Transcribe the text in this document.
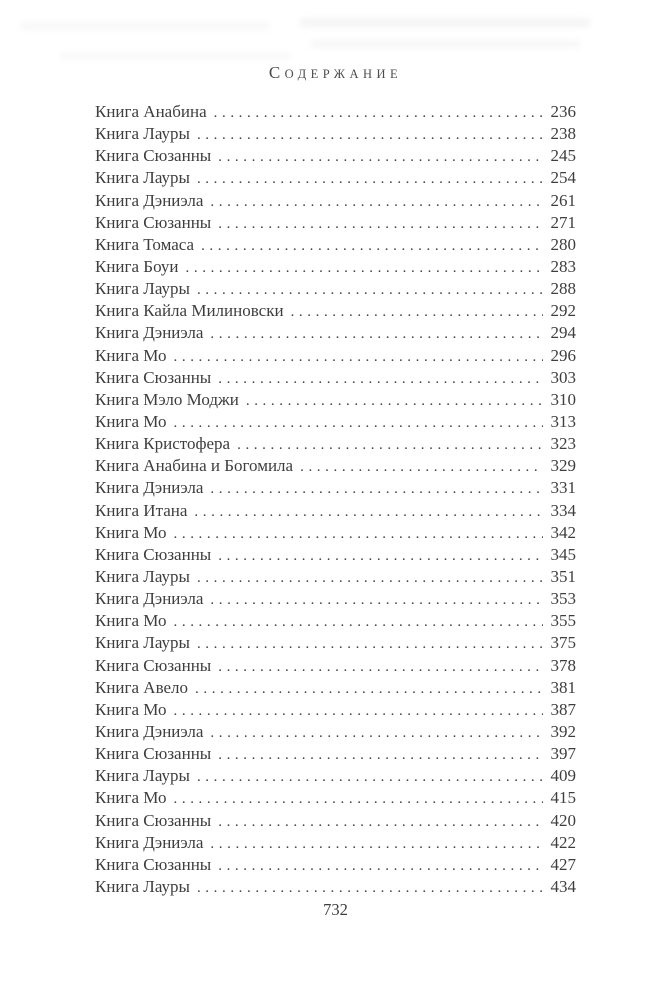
СОДЕРЖАНИЕ
Книга Анабина .....	236
Книга Лауры .....	238
Книга Сюзанны .....	245
Книга Лауры .....	254
Книга Дэниэла .....	261
Книга Сюзанны .....	271
Книга Томаса .....	280
Книга Боуи .....	283
Книга Лауры .....	288
Книга Кайла Милиновски .....	292
Книга Дэниэла .....	294
Книга Мо .....	296
Книга Сюзанны .....	303
Книга Мэло Моджи .....	310
Книга Мо .....	313
Книга Кристофера .....	323
Книга Анабина и Богомила .....	329
Книга Дэниэла .....	331
Книга Итана .....	334
Книга Мо .....	342
Книга Сюзанны .....	345
Книга Лауры .....	351
Книга Дэниэла .....	353
Книга Мо .....	355
Книга Лауры .....	375
Книга Сюзанны .....	378
Книга Авело .....	381
Книга Мо .....	387
Книга Дэниэла .....	392
Книга Сюзанны .....	397
Книга Лауры .....	409
Книга Мо .....	415
Книга Сюзанны .....	420
Книга Дэниэла .....	422
Книга Сюзанны .....	427
Книга Лауры .....	434
732
